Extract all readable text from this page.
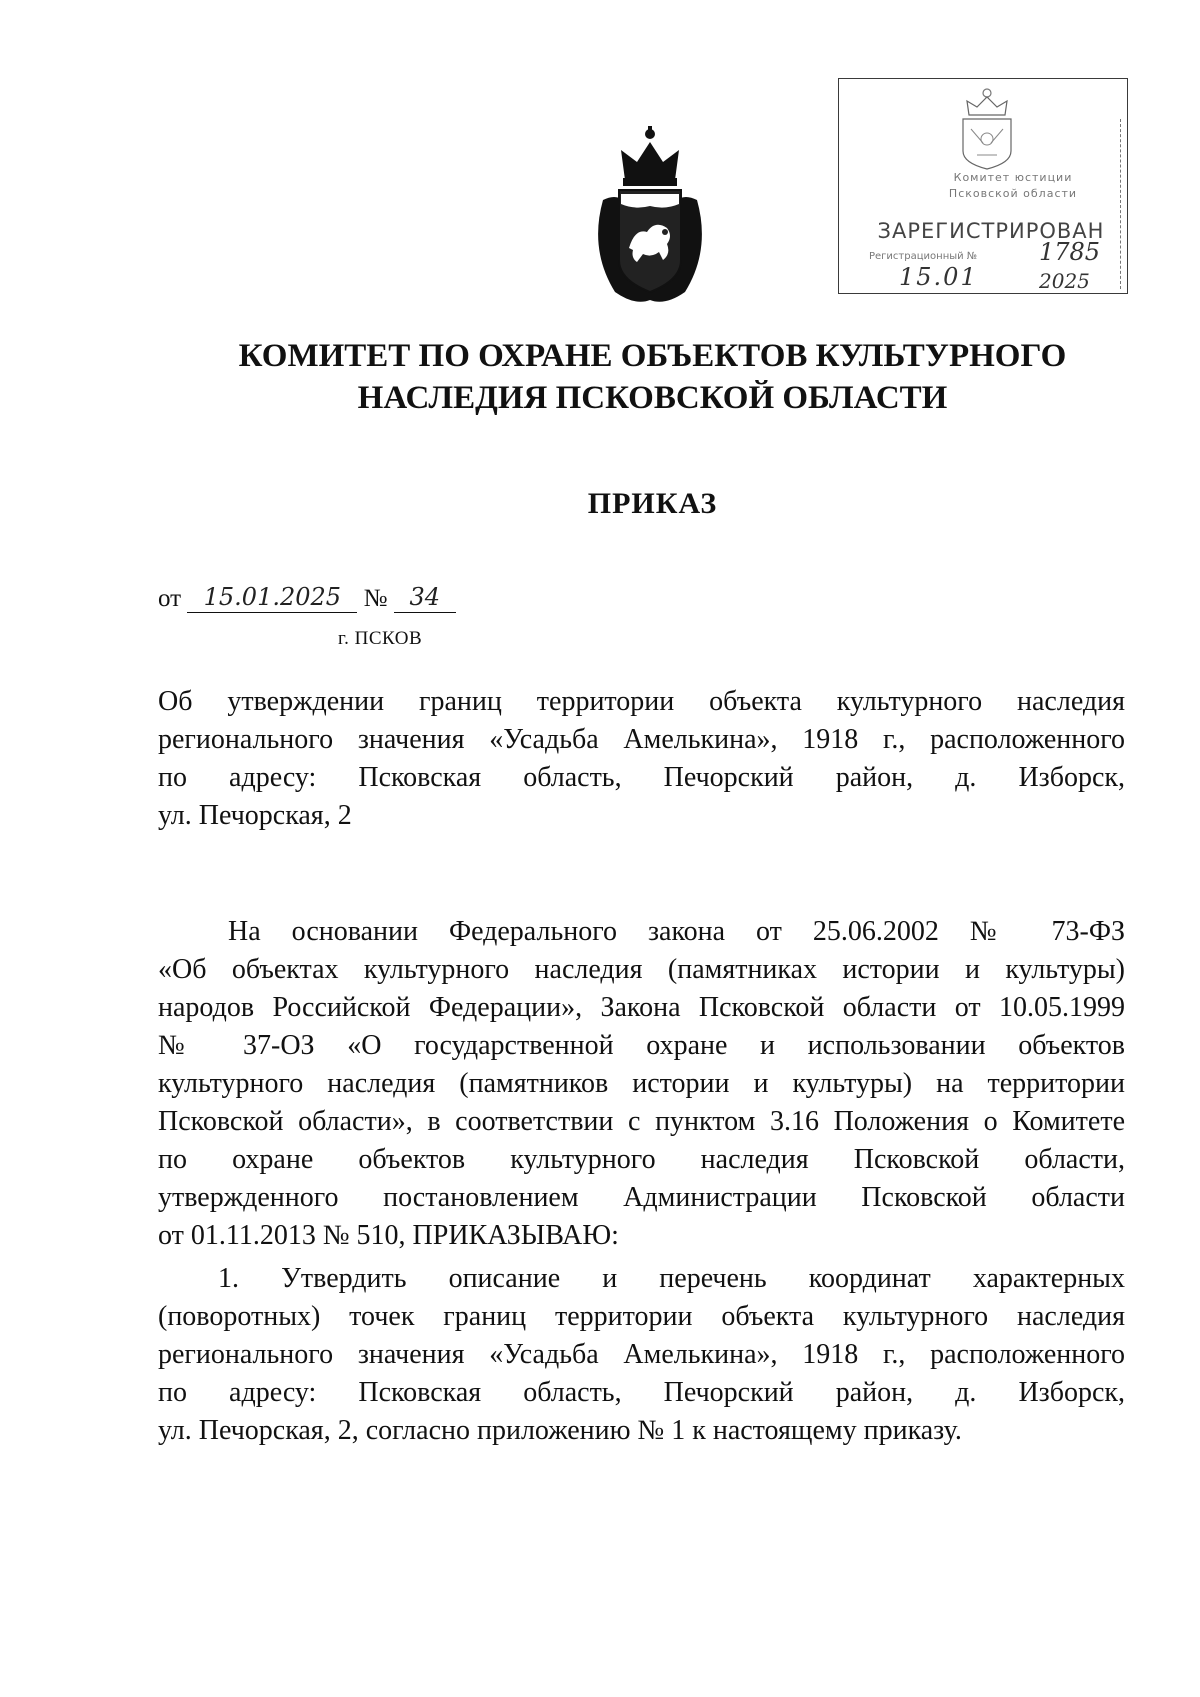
Комитет юстиции
Псковской области
ЗАРЕГИСТРИРОВАН
Регистрационный №	1785
15.01	2025
КОМИТЕТ ПО ОХРАНЕ ОБЪЕКТОВ КУЛЬТУРНОГО
НАСЛЕДИЯ ПСКОВСКОЙ ОБЛАСТИ
ПРИКАЗ
от 15.01.2025 № 34
г. ПСКОВ
Об утверждении границ территории объекта культурного наследия
регионального значения «Усадьба Амелькина», 1918 г., расположенного
по адресу: Псковская область, Печорский район, д. Изборск,
ул. Печорская, 2
На основании Федерального закона от 25.06.2002 № 73-ФЗ
«Об объектах культурного наследия (памятниках истории и культуры)
народов Российской Федерации», Закона Псковской области от 10.05.1999
№ 37-ОЗ «О государственной охране и использовании объектов
культурного наследия (памятников истории и культуры) на территории
Псковской области», в соответствии с пунктом 3.16 Положения о Комитете
по охране объектов культурного наследия Псковской области,
утвержденного постановлением Администрации Псковской области
от 01.11.2013 № 510, ПРИКАЗЫВАЮ:
1. Утвердить описание и перечень координат характерных
(поворотных) точек границ территории объекта культурного наследия
регионального значения «Усадьба Амелькина», 1918 г., расположенного
по адресу: Псковская область, Печорский район, д. Изборск,
ул. Печорская, 2, согласно приложению № 1 к настоящему приказу.
